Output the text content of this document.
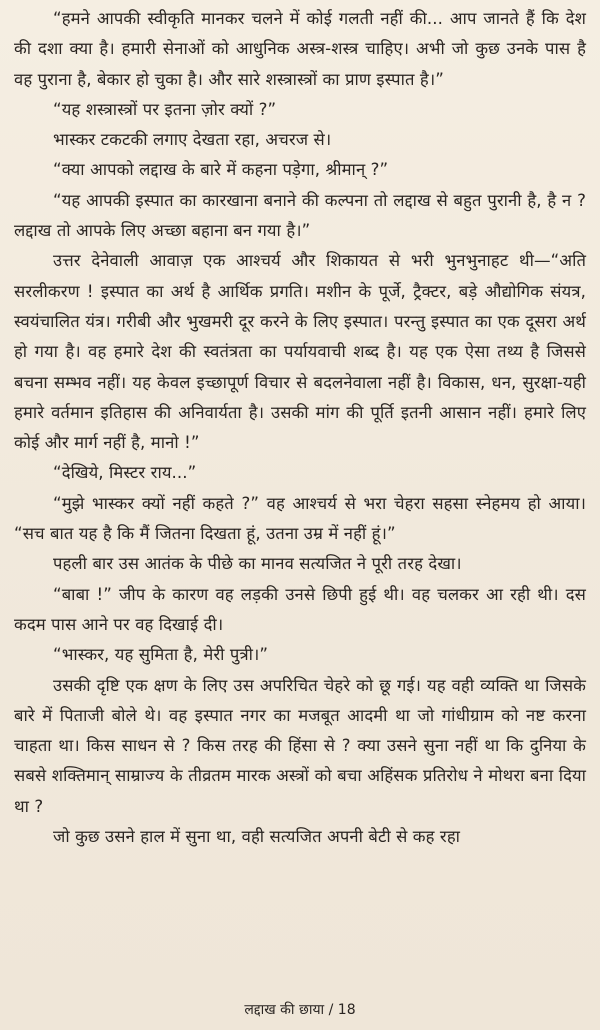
“हमने आपकी स्वीकृति मानकर चलने में कोई गलती नहीं की... आप जानते हैं कि देश की दशा क्या है। हमारी सेनाओं को आधुनिक अस्त्र-शस्त्र चाहिए। अभी जो कुछ उनके पास है वह पुराना है, बेकार हो चुका है। और सारे शस्त्रास्त्रों का प्राण इस्पात है।”

“यह शस्त्रास्त्रों पर इतना ज़ोर क्यों ?”

भास्कर टकटकी लगाए देखता रहा, अचरज से।

“क्या आपको लद्दाख के बारे में कहना पड़ेगा, श्रीमान् ?”

“यह आपकी इस्पात का कारखाना बनाने की कल्पना तो लद्दाख से बहुत पुरानी है, है न ? लद्दाख तो आपके लिए अच्छा बहाना बन गया है।”

उत्तर देनेवाली आवाज़ एक आश्चर्य और शिकायत से भरी भुनभुनाहट थी—“अति सरलीकरण ! इस्पात का अर्थ है आर्थिक प्रगति। मशीन के पूर्जे, ट्रैक्टर, बड़े औद्योगिक संयत्र, स्वयंचालित यंत्र। गरीबी और भुखमरी दूर करने के लिए इस्पात। परन्तु इस्पात का एक दूसरा अर्थ हो गया है। वह हमारे देश की स्वतंत्रता का पर्यायवाची शब्द है। यह एक ऐसा तथ्य है जिससे बचना सम्भव नहीं। यह केवल इच्छापूर्ण विचार से बदलनेवाला नहीं है। विकास, धन, सुरक्षा-यही हमारे वर्तमान इतिहास की अनिवार्यता है। उसकी मांग की पूर्ति इतनी आसान नहीं। हमारे लिए कोई और मार्ग नहीं है, मानो !”

“देखिये, मिस्टर राय...”

“मुझे भास्कर क्यों नहीं कहते ?” वह आश्चर्य से भरा चेहरा सहसा स्नेहमय हो आया। “सच बात यह है कि मैं जितना दिखता हूं, उतना उम्र में नहीं हूं।”

पहली बार उस आतंक के पीछे का मानव सत्यजित ने पूरी तरह देखा।

“बाबा !” जीप के कारण वह लड़की उनसे छिपी हुई थी। वह चलकर आ रही थी। दस कदम पास आने पर वह दिखाई दी।

“भास्कर, यह सुमिता है, मेरी पुत्री।”

उसकी दृष्टि एक क्षण के लिए उस अपरिचित चेहरे को छू गई। यह वही व्यक्ति था जिसके बारे में पिताजी बोले थे। वह इस्पात नगर का मजबूत आदमी था जो गांधीग्राम को नष्ट करना चाहता था। किस साधन से ? किस तरह की हिंसा से ? क्या उसने सुना नहीं था कि दुनिया के सबसे शक्तिमान् साम्राज्य के तीव्रतम मारक अस्त्रों को बचा अहिंसक प्रतिरोध ने मोथरा बना दिया था ?

जो कुछ उसने हाल में सुना था, वही सत्यजित अपनी बेटी से कह रहा

लद्दाख की छाया / 18
